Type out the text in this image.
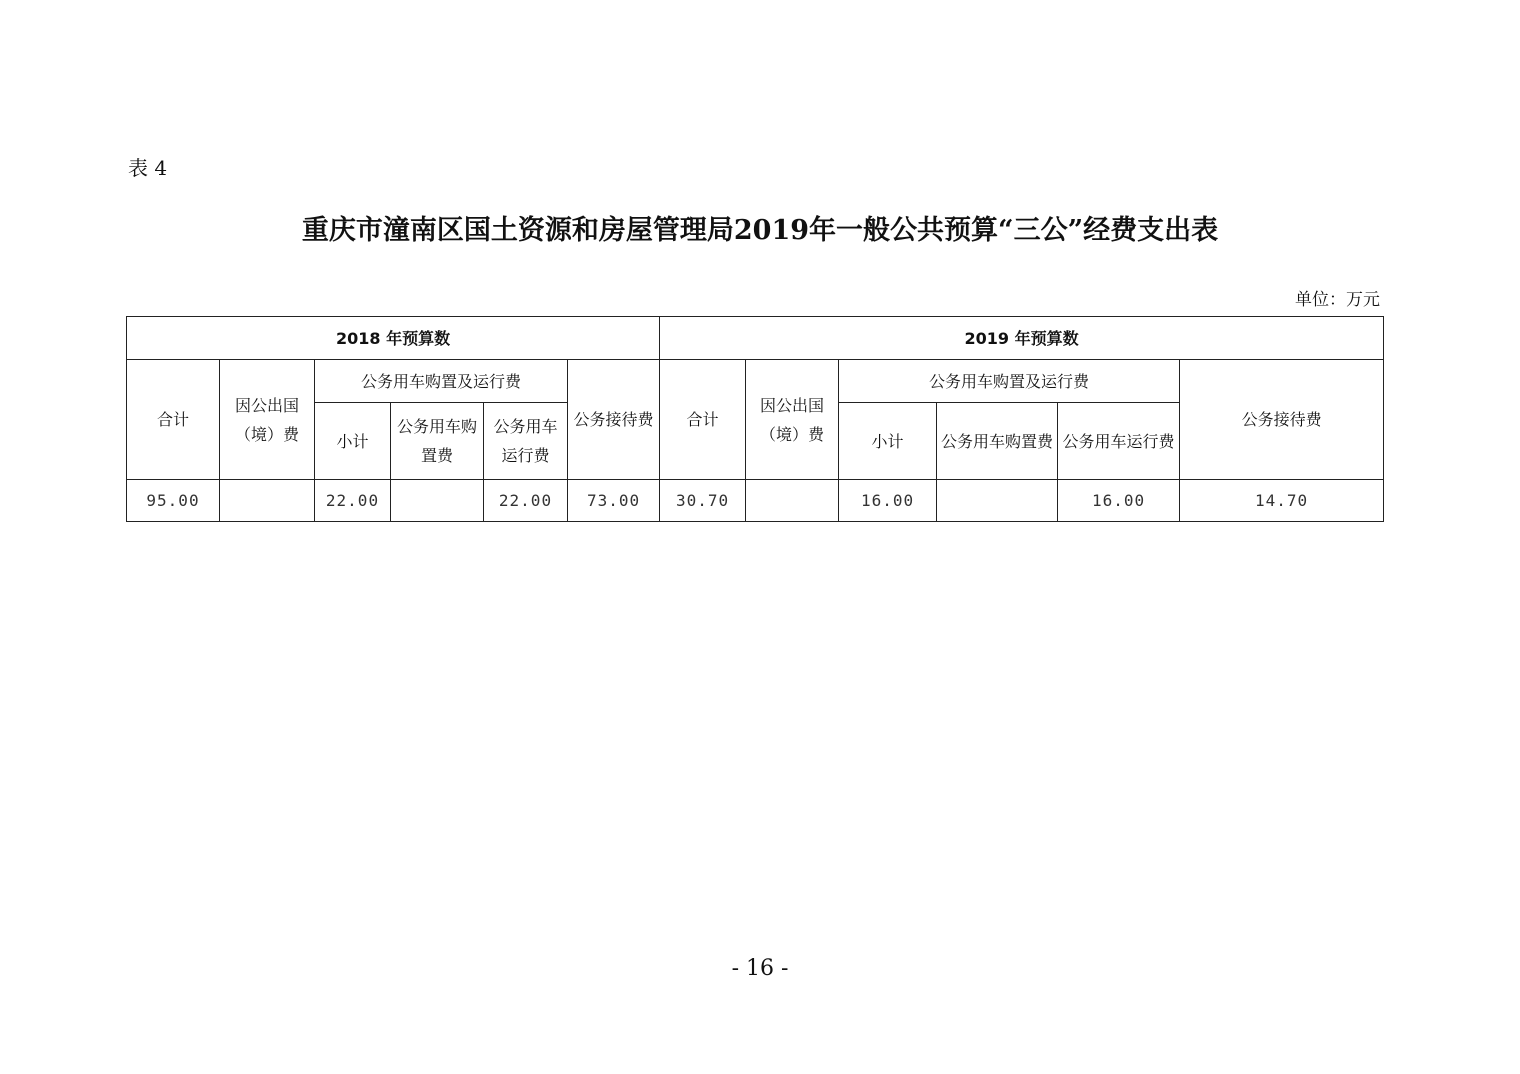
表 4
重庆市潼南区国土资源和房屋管理局2019年一般公共预算“三公”经费支出表
单位：万元
2018 年预算数						2019 年预算数					
合计	因公出国（境）费	公务用车购置及运行费			公务接待费	合计	因公出国（境）费	公务用车购置及运行费			公务接待费
		小计	公务用车购置费	公务用车运行费				小计	公务用车购置费	公务用车运行费	
95.00		22.00		22.00	73.00	30.70		16.00		16.00	14.70
- 16 -
